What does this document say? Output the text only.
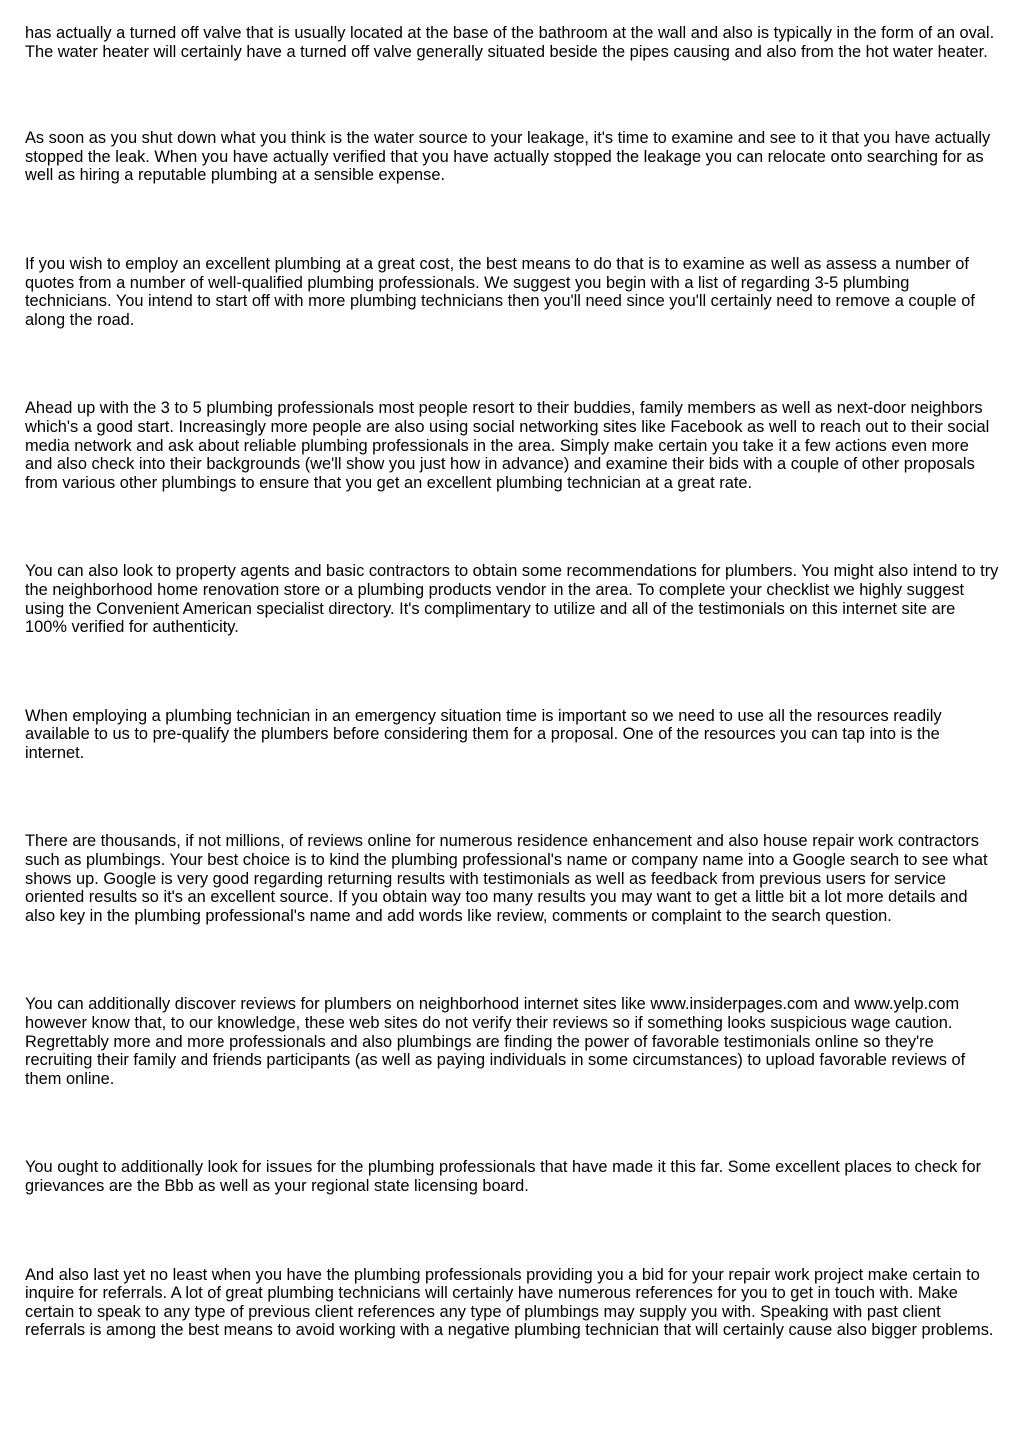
has actually a turned off valve that is usually located at the base of the bathroom at the wall and also is typically in the form of an oval. The water heater will certainly have a turned off valve generally situated beside the pipes causing and also from the hot water heater.

As soon as you shut down what you think is the water source to your leakage, it's time to examine and see to it that you have actually stopped the leak. When you have actually verified that you have actually stopped the leakage you can relocate onto searching for as well as hiring a reputable plumbing at a sensible expense.

If you wish to employ an excellent plumbing at a great cost, the best means to do that is to examine as well as assess a number of quotes from a number of well-qualified plumbing professionals. We suggest you begin with a list of regarding 3-5 plumbing technicians. You intend to start off with more plumbing technicians then you'll need since you'll certainly need to remove a couple of along the road.

Ahead up with the 3 to 5 plumbing professionals most people resort to their buddies, family members as well as next-door neighbors which's a good start. Increasingly more people are also using social networking sites like Facebook as well to reach out to their social media network and ask about reliable plumbing professionals in the area. Simply make certain you take it a few actions even more and also check into their backgrounds (we'll show you just how in advance) and examine their bids with a couple of other proposals from various other plumbings to ensure that you get an excellent plumbing technician at a great rate.

You can also look to property agents and basic contractors to obtain some recommendations for plumbers. You might also intend to try the neighborhood home renovation store or a plumbing products vendor in the area. To complete your checklist we highly suggest using the Convenient American specialist directory. It's complimentary to utilize and all of the testimonials on this internet site are 100% verified for authenticity.

When employing a plumbing technician in an emergency situation time is important so we need to use all the resources readily available to us to pre-qualify the plumbers before considering them for a proposal. One of the resources you can tap into is the internet.

There are thousands, if not millions, of reviews online for numerous residence enhancement and also house repair work contractors such as plumbings. Your best choice is to kind the plumbing professional's name or company name into a Google search to see what shows up. Google is very good regarding returning results with testimonials as well as feedback from previous users for service oriented results so it's an excellent source. If you obtain way too many results you may want to get a little bit a lot more details and also key in the plumbing professional's name and add words like review, comments or complaint to the search question.

You can additionally discover reviews for plumbers on neighborhood internet sites like www.insiderpages.com and www.yelp.com however know that, to our knowledge, these web sites do not verify their reviews so if something looks suspicious wage caution. Regrettably more and more professionals and also plumbings are finding the power of favorable testimonials online so they're recruiting their family and friends participants (as well as paying individuals in some circumstances) to upload favorable reviews of them online.

You ought to additionally look for issues for the plumbing professionals that have made it this far. Some excellent places to check for grievances are the Bbb as well as your regional state licensing board.

And also last yet no least when you have the plumbing professionals providing you a bid for your repair work project make certain to inquire for referrals. A lot of great plumbing technicians will certainly have numerous references for you to get in touch with. Make certain to speak to any type of previous client references any type of plumbings may supply you with. Speaking with past client referrals is among the best means to avoid working with a negative plumbing technician that will certainly cause also bigger problems.
